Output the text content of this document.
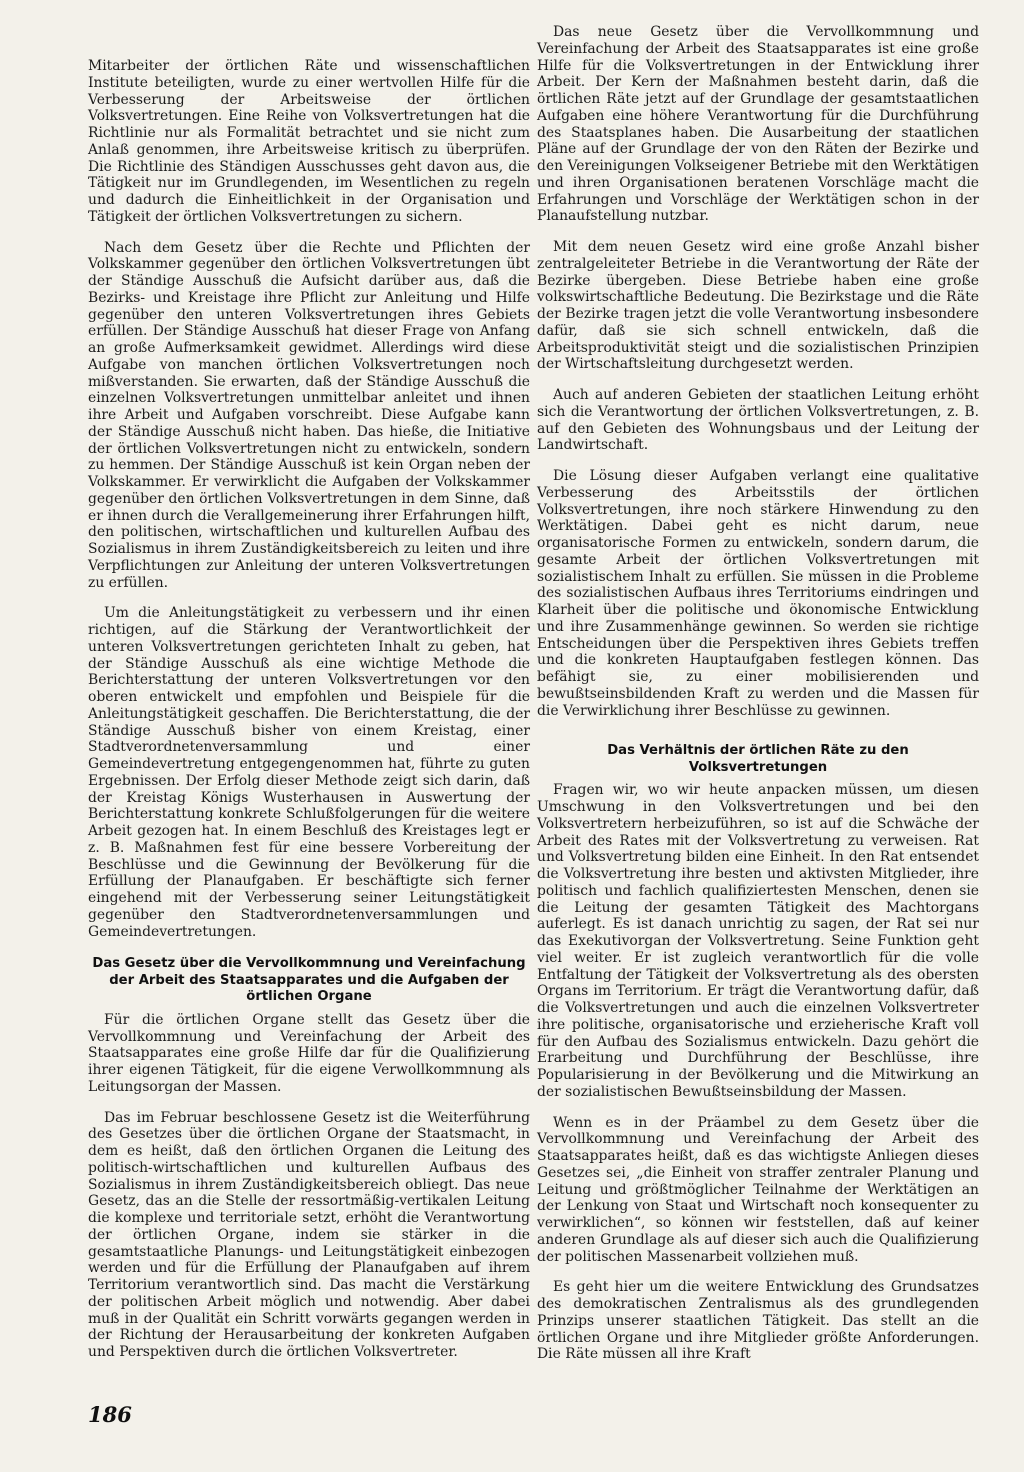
Mitarbeiter der örtlichen Räte und wissenschaftlichen Institute beteiligten, wurde zu einer wertvollen Hilfe für die Verbesserung der Arbeitsweise der örtlichen Volksvertretungen. Eine Reihe von Volksvertretungen hat die Richtlinie nur als Formalität betrachtet und sie nicht zum Anlaß genommen, ihre Arbeitsweise kritisch zu überprüfen. Die Richtlinie des Ständigen Ausschusses geht davon aus, die Tätigkeit nur im Grundlegenden, im Wesentlichen zu regeln und dadurch die Einheitlichkeit in der Organisation und Tätigkeit der örtlichen Volksvertretungen zu sichern.

Nach dem Gesetz über die Rechte und Pflichten der Volkskammer gegenüber den örtlichen Volksvertretungen übt der Ständige Ausschuß die Aufsicht darüber aus, daß die Bezirks- und Kreistage ihre Pflicht zur Anleitung und Hilfe gegenüber den unteren Volksvertretungen ihres Gebiets erfüllen. Der Ständige Ausschuß hat dieser Frage von Anfang an große Aufmerksamkeit gewidmet. Allerdings wird diese Aufgabe von manchen örtlichen Volksvertretungen noch mißverstanden. Sie erwarten, daß der Ständige Ausschuß die einzelnen Volksvertretungen unmittelbar anleitet und ihnen ihre Arbeit und Aufgaben vorschreibt. Diese Aufgabe kann der Ständige Ausschuß nicht haben. Das hieße, die Initiative der örtlichen Volksvertretungen nicht zu entwickeln, sondern zu hemmen. Der Ständige Ausschuß ist kein Organ neben der Volkskammer. Er verwirklicht die Aufgaben der Volkskammer gegenüber den örtlichen Volksvertretungen in dem Sinne, daß er ihnen durch die Verallgemeinerung ihrer Erfahrungen hilft, den politischen, wirtschaftlichen und kulturellen Aufbau des Sozialismus in ihrem Zuständigkeitsbereich zu leiten und ihre Verpflichtungen zur Anleitung der unteren Volksvertretungen zu erfüllen.

Um die Anleitungstätigkeit zu verbessern und ihr einen richtigen, auf die Stärkung der Verantwortlichkeit der unteren Volksvertretungen gerichteten Inhalt zu geben, hat der Ständige Ausschuß als eine wichtige Methode die Berichterstattung der unteren Volksvertretungen vor den oberen entwickelt und empfohlen und Beispiele für die Anleitungstätigkeit geschaffen. Die Berichterstattung, die der Ständige Ausschuß bisher von einem Kreistag, einer Stadtverordnetenversammlung und einer Gemeindevertretung entgegengenommen hat, führte zu guten Ergebnissen. Der Erfolg dieser Methode zeigt sich darin, daß der Kreistag Königs Wusterhausen in Auswertung der Berichterstattung konkrete Schlußfolgerungen für die weitere Arbeit gezogen hat. In einem Beschluß des Kreistages legt er z. B. Maßnahmen fest für eine bessere Vorbereitung der Beschlüsse und die Gewinnung der Bevölkerung für die Erfüllung der Planaufgaben. Er beschäftigte sich ferner eingehend mit der Verbesserung seiner Leitungstätigkeit gegenüber den Stadtverordnetenversammlungen und Gemeindevertretungen.

Das Gesetz über die Vervollkommnung und Vereinfachung der Arbeit des Staatsapparates und die Aufgaben der örtlichen Organe

Für die örtlichen Organe stellt das Gesetz über die Vervollkommnung und Vereinfachung der Arbeit des Staatsapparates eine große Hilfe dar für die Qualifizierung ihrer eigenen Tätigkeit, für die eigene Verwollkommnung als Leitungsorgan der Massen.

Das im Februar beschlossene Gesetz ist die Weiterführung des Gesetzes über die örtlichen Organe der Staatsmacht, in dem es heißt, daß den örtlichen Organen die Leitung des politisch-wirtschaftlichen und kulturellen Aufbaus des Sozialismus in ihrem Zuständigkeitsbereich obliegt. Das neue Gesetz, das an die Stelle der ressortmäßig-vertikalen Leitung die komplexe und territoriale setzt, erhöht die Verantwortung der örtlichen Organe, indem sie stärker in die gesamtstaatliche Planungs- und Leitungstätigkeit einbezogen werden und für die Erfüllung der Planaufgaben auf ihrem Territorium verantwortlich sind. Das macht die Verstärkung der politischen Arbeit möglich und notwendig. Aber dabei muß in der Qualität ein Schritt vorwärts gegangen werden in der Richtung der Herausarbeitung der konkreten Aufgaben und Perspektiven durch die örtlichen Volksvertreter.

Das neue Gesetz über die Vervollkommnung und Vereinfachung der Arbeit des Staatsapparates ist eine große Hilfe für die Volksvertretungen in der Entwicklung ihrer Arbeit. Der Kern der Maßnahmen besteht darin, daß die örtlichen Räte jetzt auf der Grundlage der gesamtstaatlichen Aufgaben eine höhere Verantwortung für die Durchführung des Staatsplanes haben. Die Ausarbeitung der staatlichen Pläne auf der Grundlage der von den Räten der Bezirke und den Vereinigungen Volkseigener Betriebe mit den Werktätigen und ihren Organisationen beratenen Vorschläge macht die Erfahrungen und Vorschläge der Werktätigen schon in der Planaufstellung nutzbar.

Mit dem neuen Gesetz wird eine große Anzahl bisher zentralgeleiteter Betriebe in die Verantwortung der Räte der Bezirke übergeben. Diese Betriebe haben eine große volkswirtschaftliche Bedeutung. Die Bezirkstage und die Räte der Bezirke tragen jetzt die volle Verantwortung insbesondere dafür, daß sie sich schnell entwickeln, daß die Arbeitsproduktivität steigt und die sozialistischen Prinzipien der Wirtschaftsleitung durchgesetzt werden.

Auch auf anderen Gebieten der staatlichen Leitung erhöht sich die Verantwortung der örtlichen Volksvertretungen, z. B. auf den Gebieten des Wohnungsbaus und der Leitung der Landwirtschaft.

Die Lösung dieser Aufgaben verlangt eine qualitative Verbesserung des Arbeitsstils der örtlichen Volksvertretungen, ihre noch stärkere Hinwendung zu den Werktätigen. Dabei geht es nicht darum, neue organisatorische Formen zu entwickeln, sondern darum, die gesamte Arbeit der örtlichen Volksvertretungen mit sozialistischem Inhalt zu erfüllen. Sie müssen in die Probleme des sozialistischen Aufbaus ihres Territoriums eindringen und Klarheit über die politische und ökonomische Entwicklung und ihre Zusammenhänge gewinnen. So werden sie richtige Entscheidungen über die Perspektiven ihres Gebiets treffen und die konkreten Hauptaufgaben festlegen können. Das befähigt sie, zu einer mobilisierenden und bewußtseinsbildenden Kraft zu werden und die Massen für die Verwirklichung ihrer Beschlüsse zu gewinnen.

Das Verhältnis der örtlichen Räte zu den Volksvertretungen

Fragen wir, wo wir heute anpacken müssen, um diesen Umschwung in den Volksvertretungen und bei den Volksvertretern herbeizuführen, so ist auf die Schwäche der Arbeit des Rates mit der Volksvertretung zu verweisen. Rat und Volksvertretung bilden eine Einheit. In den Rat entsendet die Volksvertretung ihre besten und aktivsten Mitglieder, ihre politisch und fachlich qualifiziertesten Menschen, denen sie die Leitung der gesamten Tätigkeit des Machtorgans auferlegt. Es ist danach unrichtig zu sagen, der Rat sei nur das Exekutivorgan der Volksvertretung. Seine Funktion geht viel weiter. Er ist zugleich verantwortlich für die volle Entfaltung der Tätigkeit der Volksvertretung als des obersten Organs im Territorium. Er trägt die Verantwortung dafür, daß die Volksvertretungen und auch die einzelnen Volksvertreter ihre politische, organisatorische und erzieherische Kraft voll für den Aufbau des Sozialismus entwickeln. Dazu gehört die Erarbeitung und Durchführung der Beschlüsse, ihre Popularisierung in der Bevölkerung und die Mitwirkung an der sozialistischen Bewußtseinsbildung der Massen.

Wenn es in der Präambel zu dem Gesetz über die Vervollkommnung und Vereinfachung der Arbeit des Staatsapparates heißt, daß es das wichtigste Anliegen dieses Gesetzes sei, „die Einheit von straffer zentraler Planung und Leitung und größtmöglicher Teilnahme der Werktätigen an der Lenkung von Staat und Wirtschaft noch konsequenter zu verwirklichen“, so können wir feststellen, daß auf keiner anderen Grundlage als auf dieser sich auch die Qualifizierung der politischen Massenarbeit vollziehen muß.

Es geht hier um die weitere Entwicklung des Grundsatzes des demokratischen Zentralismus als des grundlegenden Prinzips unserer staatlichen Tätigkeit. Das stellt an die örtlichen Organe und ihre Mitglieder größte Anforderungen. Die Räte müssen all ihre Kraft

186
